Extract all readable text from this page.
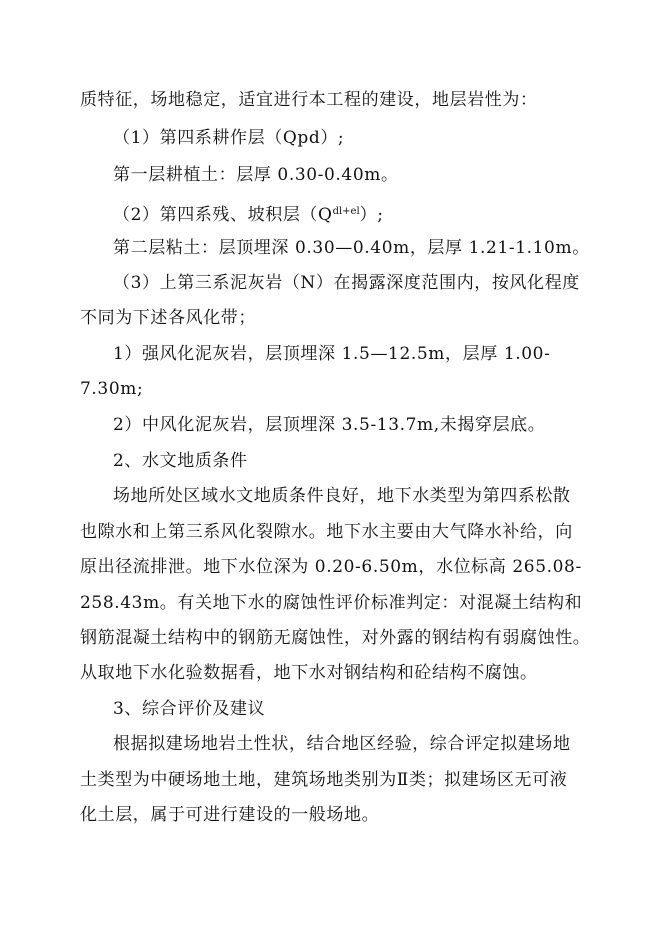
质特征，场地稳定，适宜进行本工程的建设，地层岩性为：
（1）第四系耕作层（Qpd）;
第一层耕植土：层厚 0.30-0.40m。
（2）第四系残、坡积层$(Q^{dl+el})$;
第二层粘土：层顶埋深 0.30—0.40m，层厚 1.21-1.10m。
（3）上第三系泥灰岩（N）在揭露深度范围内，按风化程度
不同为下述各风化带；
1）强风化泥灰岩，层顶埋深 1.5—12.5m，层厚 1.00-
7.30m;
2）中风化泥灰岩，层顶埋深 3.5-13.7m,未揭穿层底。
2、水文地质条件
场地所处区域水文地质条件良好，地下水类型为第四系松散
也隙水和上第三系风化裂隙水。地下水主要由大气降水补给，向
原出径流排泄。地下水位深为 0.20-6.50m，水位标高 265.08-
258.43m。有关地下水的腐蚀性评价标准判定：对混凝土结构和
钢筋混凝土结构中的钢筋无腐蚀性，对外露的钢结构有弱腐蚀性。
从取地下水化验数据看，地下水对钢结构和砼结构不腐蚀。
3、综合评价及建议
根据拟建场地岩土性状，结合地区经验，综合评定拟建场地
土类型为中硬场地土地，建筑场地类别为Ⅱ类；拟建场区无可液
化土层，属于可进行建设的一般场地。
